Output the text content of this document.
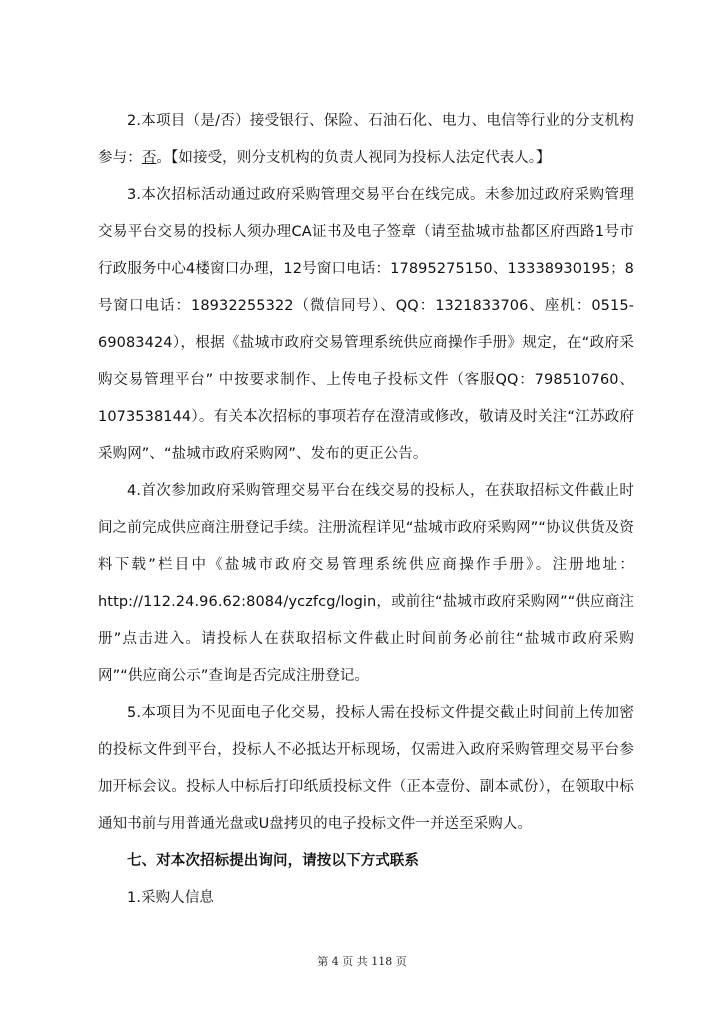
2.本项目（是/否）接受银行、保险、石油石化、电力、电信等行业的分支机构参与：否。【如接受，则分支机构的负责人视同为投标人法定代表人。】

3.本次招标活动通过政府采购管理交易平台在线完成。未参加过政府采购管理交易平台交易的投标人须办理CA证书及电子签章（请至盐城市盐都区府西路1号市行政服务中心4楼窗口办理，12号窗口电话：17895275150、13338930195；8号窗口电话：18932255322（微信同号）、QQ：1321833706、座机：0515-69083424），根据《盐城市政府交易管理系统供应商操作手册》规定，在“政府采购交易管理平台” 中按要求制作、上传电子投标文件（客服QQ：798510760、1073538144）。有关本次招标的事项若存在澄清或修改，敬请及时关注“江苏政府采购网”、“盐城市政府采购网”、发布的更正公告。

4.首次参加政府采购管理交易平台在线交易的投标人，在获取招标文件截止时间之前完成供应商注册登记手续。注册流程详见“盐城市政府采购网”“协议供货及资料下载”栏目中《盐城市政府交易管理系统供应商操作手册》。注册地址：http://112.24.96.62:8084/yczfcg/login，或前往“盐城市政府采购网”“供应商注册”点击进入。请投标人在获取招标文件截止时间前务必前往“盐城市政府采购网”“供应商公示”查询是否完成注册登记。

5.本项目为不见面电子化交易，投标人需在投标文件提交截止时间前上传加密的投标文件到平台，投标人不必抵达开标现场，仅需进入政府采购管理交易平台参加开标会议。投标人中标后打印纸质投标文件（正本壹份、副本贰份），在领取中标通知书前与用普通光盘或U盘拷贝的电子投标文件一并送至采购人。

七、对本次招标提出询问，请按以下方式联系

1.采购人信息

第 4 页 共 118 页
